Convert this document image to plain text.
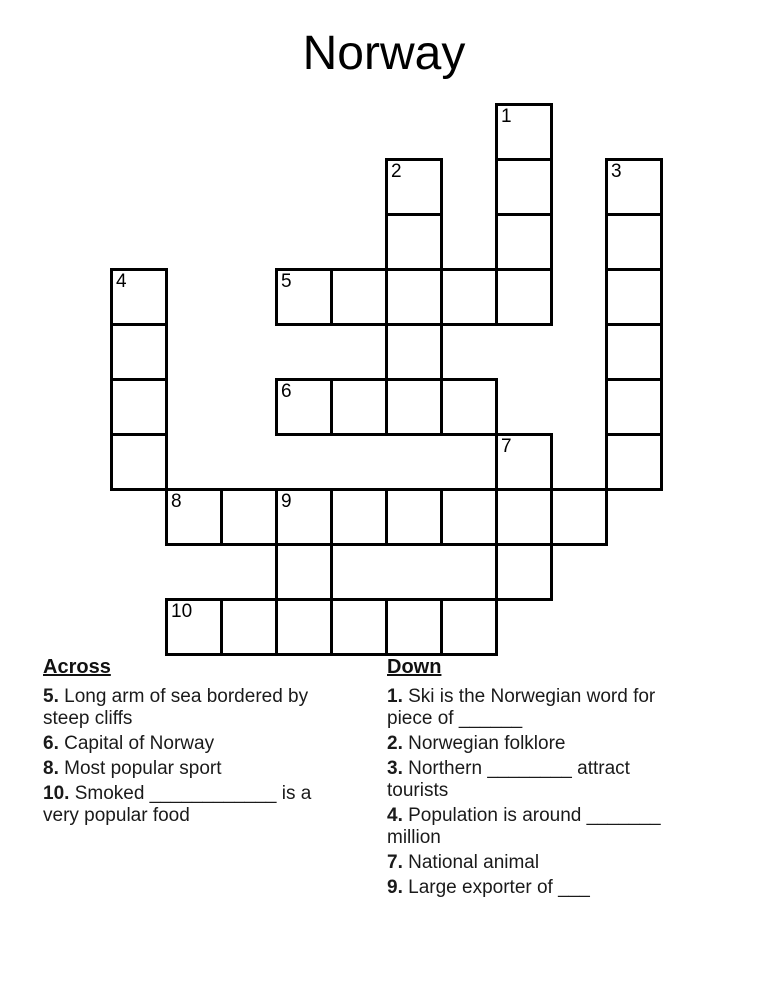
Norway
1
2	3
4	5
6
7
8	9
10
Across
5. Long arm of sea bordered by steep cliffs
6. Capital of Norway
8. Most popular sport
10. Smoked ____________ is a very popular food
Down
1. Ski is the Norwegian word for piece of ______
2. Norwegian folklore
3. Northern ________ attract tourists
4. Population is around _______ million
7. National animal
9. Large exporter of ___
